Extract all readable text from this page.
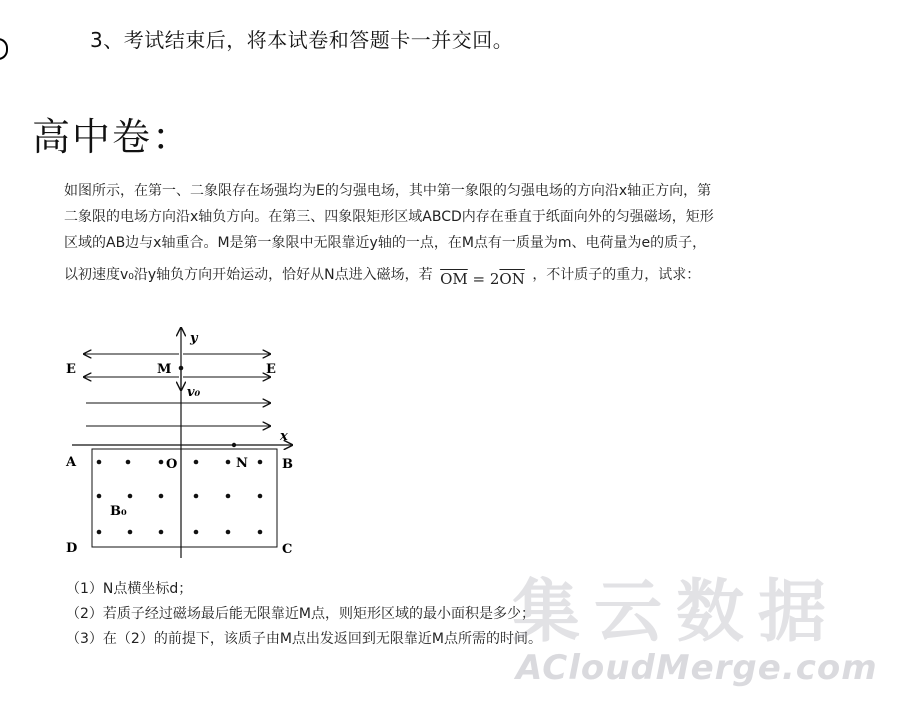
3、考试结束后，将本试卷和答题卡一并交回。
高中卷：
如图所示，在第一、二象限存在场强均为E的匀强电场，其中第一象限的匀强电场的方向沿x轴正方向，第
二象限的电场方向沿x轴负方向。在第三、四象限矩形区域ABCD内存在垂直于纸面向外的匀强磁场，矩形
区域的AB边与x轴重合。M是第一象限中无限靠近y轴的一点，在M点有一质量为m、电荷量为e的质子，
以初速度v₀沿y轴负方向开始运动，恰好从N点进入磁场，若 $\overline{OM} = 2\overline{ON}$ ，不计质子的重力，试求：
y
x
E	E
M
v₀
A	B
D	C
O	N
B₀
（1）N点横坐标d；
（2）若质子经过磁场最后能无限靠近M点，则矩形区域的最小面积是多少；
（3）在（2）的前提下，该质子由M点出发返回到无限靠近M点所需的时间。
集云数据
ACloudMerge.com
